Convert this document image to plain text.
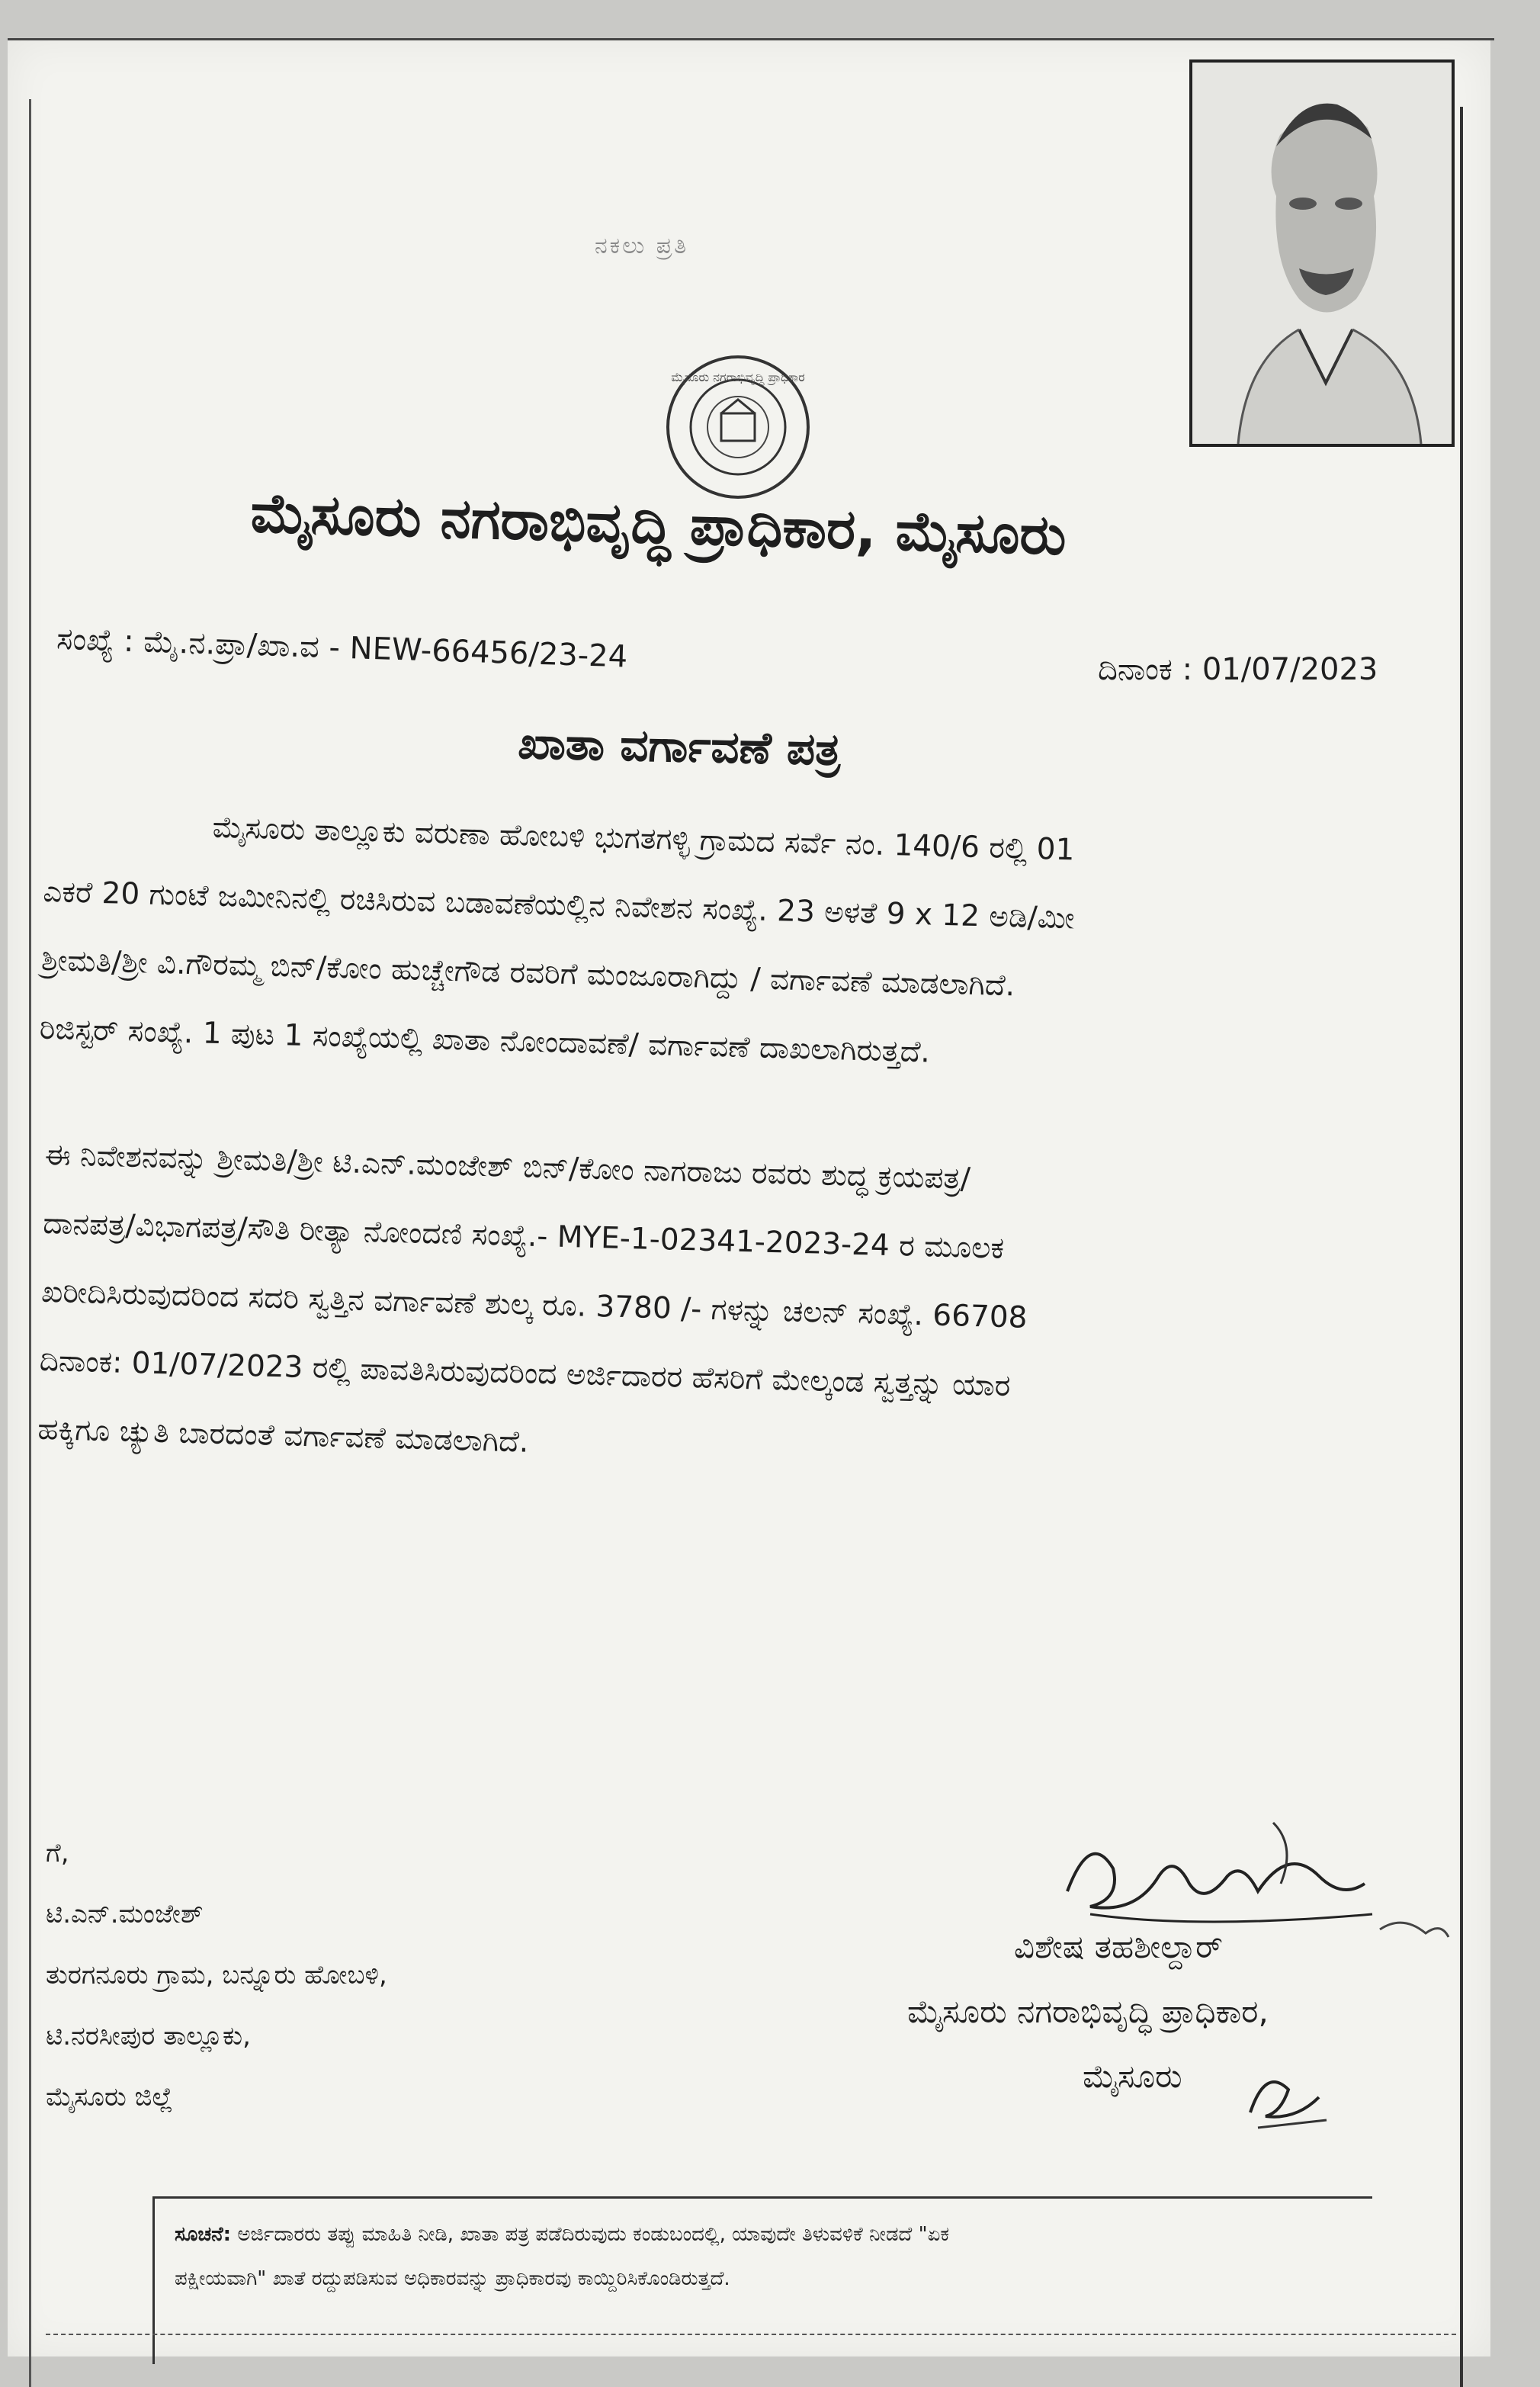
ನಕಲು ಪ್ರತಿ
ಮೈಸೂರು ನಗರಾಭಿವೃದ್ಧಿ ಪ್ರಾಧಿಕಾರ
ಮೈಸೂರು ನಗರಾಭಿವೃದ್ಧಿ ಪ್ರಾಧಿಕಾರ, ಮೈಸೂರು
ಸಂಖ್ಯೆ : ಮೈ.ನ.ಪ್ರಾ/ಖಾ.ವ - NEW-66456/23-24	ದಿನಾಂಕ : 01/07/2023
ಖಾತಾ ವರ್ಗಾವಣೆ ಪತ್ರ
ಮೈಸೂರು ತಾಲ್ಲೂಕು ವರುಣಾ ಹೋಬಳಿ ಭುಗತಗಳ್ಳಿ ಗ್ರಾಮದ ಸರ್ವೆ ನಂ. 140/6 ರಲ್ಲಿ 01
ಎಕರೆ 20 ಗುಂಟೆ ಜಮೀನಿನಲ್ಲಿ ರಚಿಸಿರುವ ಬಡಾವಣೆಯಲ್ಲಿನ ನಿವೇಶನ ಸಂಖ್ಯೆ. 23 ಅಳತೆ 9 x 12 ಅಡಿ/ಮೀ
ಶ್ರೀಮತಿ/ಶ್ರೀ ವಿ.ಗೌರಮ್ಮ ಬಿನ್/ಕೋಂ ಹುಚ್ಚೇಗೌಡ ರವರಿಗೆ ಮಂಜೂರಾಗಿದ್ದು / ವರ್ಗಾವಣೆ ಮಾಡಲಾಗಿದೆ.
ರಿಜಿಸ್ಟರ್ ಸಂಖ್ಯೆ. 1 ಪುಟ 1 ಸಂಖ್ಯೆಯಲ್ಲಿ ಖಾತಾ ನೋಂದಾವಣೆ/ ವರ್ಗಾವಣೆ ದಾಖಲಾಗಿರುತ್ತದೆ.
ಈ ನಿವೇಶನವನ್ನು ಶ್ರೀಮತಿ/ಶ್ರೀ ಟಿ.ಎನ್.ಮಂಜೇಶ್ ಬಿನ್/ಕೋಂ ನಾಗರಾಜು ರವರು ಶುದ್ಧ ಕ್ರಯಪತ್ರ/
ದಾನಪತ್ರ/ವಿಭಾಗಪತ್ರ/ಸೌತಿ ರೀತ್ಯಾ ನೋಂದಣಿ ಸಂಖ್ಯೆ.- MYE-1-02341-2023-24 ರ ಮೂಲಕ
ಖರೀದಿಸಿರುವುದರಿಂದ ಸದರಿ ಸ್ವತ್ತಿನ ವರ್ಗಾವಣೆ ಶುಲ್ಕ ರೂ. 3780 /- ಗಳನ್ನು ಚಲನ್ ಸಂಖ್ಯೆ. 66708
ದಿನಾಂಕ: 01/07/2023 ರಲ್ಲಿ ಪಾವತಿಸಿರುವುದರಿಂದ ಅರ್ಜಿದಾರರ ಹೆಸರಿಗೆ ಮೇಲ್ಕಂಡ ಸ್ವತ್ತನ್ನು ಯಾರ
ಹಕ್ಕಿಗೂ ಚ್ಯುತಿ ಬಾರದಂತೆ ವರ್ಗಾವಣೆ ಮಾಡಲಾಗಿದೆ.
ಗೆ,
ಟಿ.ಎನ್.ಮಂಜೇಶ್
ತುರಗನೂರು ಗ್ರಾಮ, ಬನ್ನೂರು ಹೋಬಳಿ,
ಟಿ.ನರಸೀಪುರ ತಾಲ್ಲೂಕು,
ಮೈಸೂರು ಜಿಲ್ಲೆ
ವಿಶೇಷ ತಹಶೀಲ್ದಾರ್
ಮೈಸೂರು ನಗರಾಭಿವೃದ್ಧಿ ಪ್ರಾಧಿಕಾರ,
ಮೈಸೂರು
ಸೂಚನೆ: ಅರ್ಜಿದಾರರು ತಪ್ಪು ಮಾಹಿತಿ ನೀಡಿ, ಖಾತಾ ಪತ್ರ ಪಡೆದಿರುವುದು ಕಂಡುಬಂದಲ್ಲಿ, ಯಾವುದೇ ತಿಳುವಳಿಕೆ ನೀಡದೆ "ಏಕ
ಪಕ್ಷೀಯವಾಗಿ" ಖಾತೆ ರದ್ದುಪಡಿಸುವ ಅಧಿಕಾರವನ್ನು ಪ್ರಾಧಿಕಾರವು ಕಾಯ್ದಿರಿಸಿಕೊಂಡಿರುತ್ತದೆ.
